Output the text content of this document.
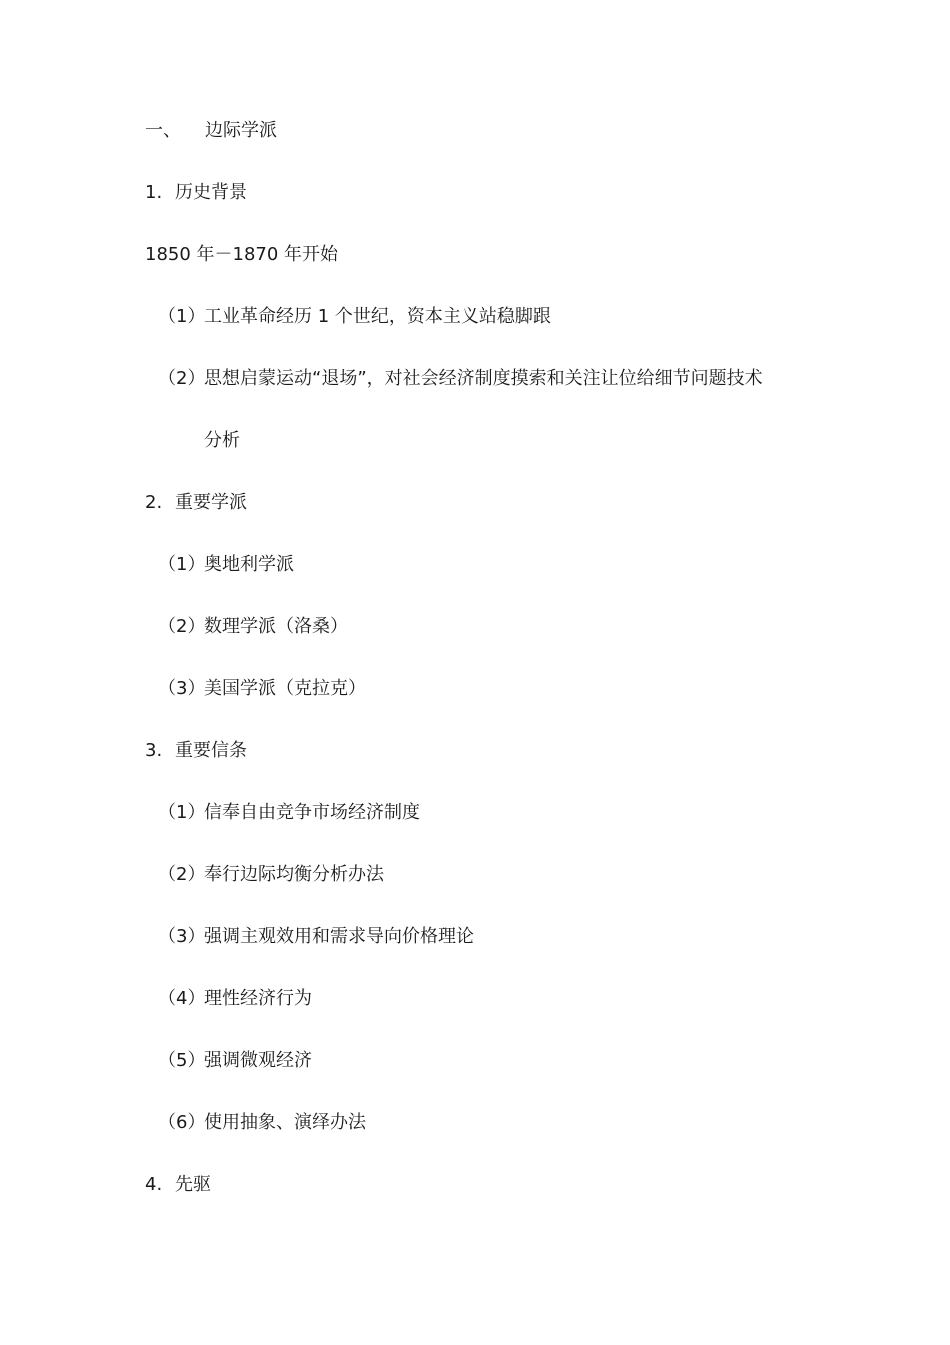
一、 边际学派
1. 历史背景
1850 年－1870 年开始
（1）工业革命经历 1 个世纪，资本主义站稳脚跟
（2）思想启蒙运动“退场”，对社会经济制度摸索和关注让位给细节问题技术
分析
2. 重要学派
（1）奥地利学派
（2）数理学派（洛桑）
（3）美国学派（克拉克）
3. 重要信条
（1）信奉自由竞争市场经济制度
（2）奉行边际均衡分析办法
（3）强调主观效用和需求导向价格理论
（4）理性经济行为
（5）强调微观经济
（6）使用抽象、演绎办法
4. 先驱
